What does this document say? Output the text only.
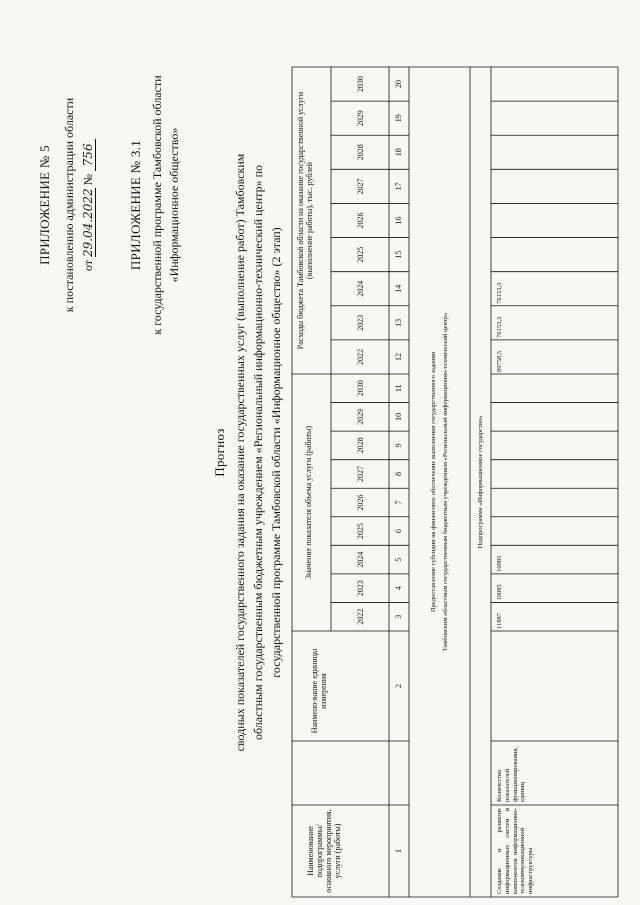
ПРИЛОЖЕНИЕ № 5 к постановлению администрации области от 29.04.2022 № 756	ПРИЛОЖЕНИЕ № 3.1 к государственной программе Тамбовской области «Информационное общество»
Прогноз сводных показателей государственного задания на оказание государственных услуг (выполнение работ) Тамбовским областным государственным бюджетным учреждением «Региональный информационно-технический центр» по государственной программе Тамбовской области «Информационное общество» (2 этап)
Наименование подпрограммы/ основного мероприятия, услуги (работы)
Наимено-вание единицы измерения
Значение показателя объема услуги (работы)
Расходы бюджета Тамбовской области на оказание государственной услуги (выполнение работы), тыс. рублей
2022
2023
2024
2025
2026
2027
2028
2029
2030
2022
2023
2024
2025
2026
2027
2028
2029
2030
1
2
3
4
5
6
7
8
9
10
11
12
13
14
15
16
17
18
19
20
Предоставление субсидии на финансовое обеспечение выполнения государственного задания Тамбовским областным государственным бюджетным учреждением «Региональный информационно-технический центр»	Подпрограмма «Информационное государство»
Создание и развитие информационных систем и компонентов информационно-телекоммуникационной инфраструктуры
Количество показателей функционирования, единиц
11887
10085
10085
89758,5
76153,3
76153,3
